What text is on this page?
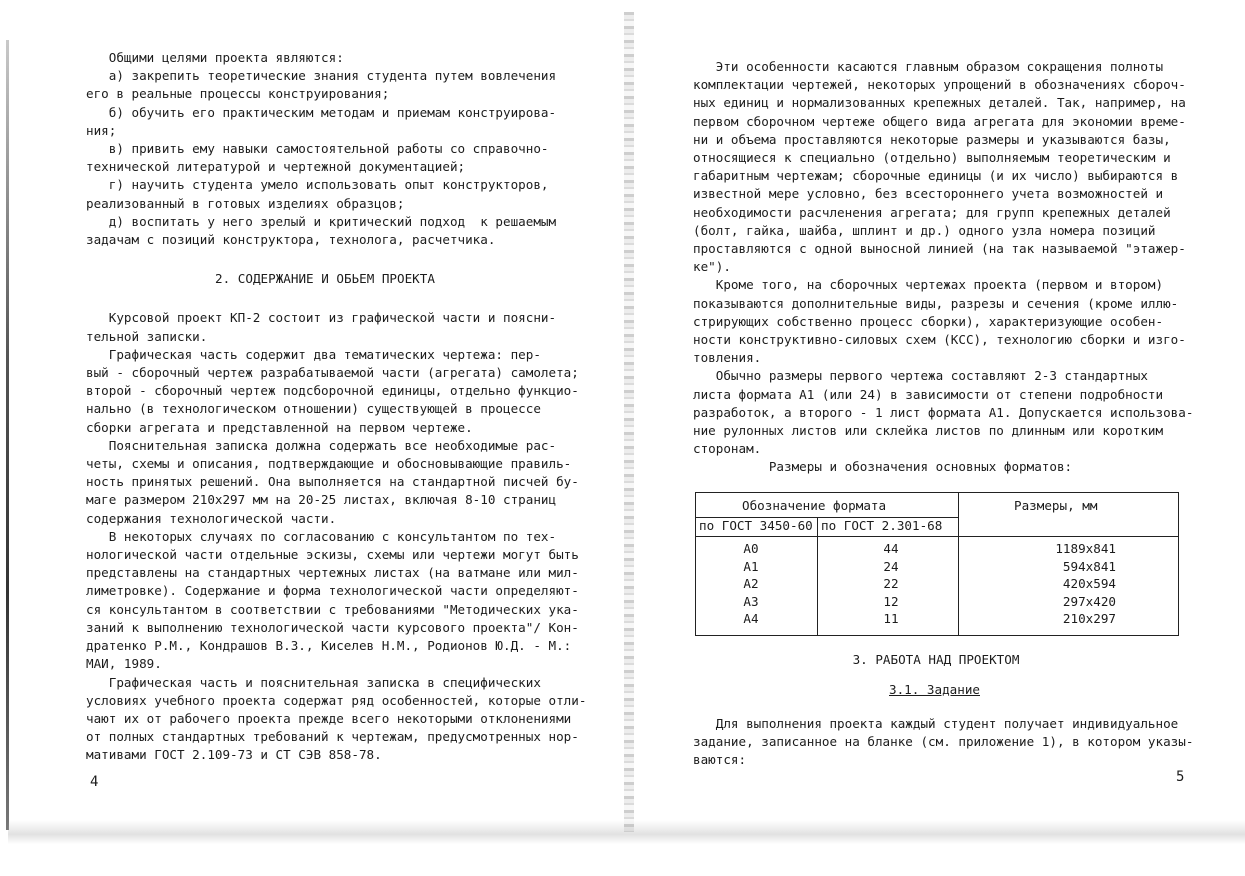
Общими целями проекта являются:

а) закрепить теоретические знания студента путем вовлечения

его в реальные процессы конструирования;

б) обучить его практическим методам и приемам конструирова-

ния;

в) привить ему навыки самостоятельной работы со справочно-

технической литературой и чертежной документацией;

г) научить студента умело использовать опыт конструкторов,

реализованный в готовых изделиях образцов;

д) воспитать у него зрелый и критический подход  к решаемым

задачам с позиций конструктора, технолога, расчетчика.

2. СОДЕРЖАНИЕ И ОБЬЕМ ПРОЕКТА

Курсовой проект КП-2 состоит из графической части и поясни-

тельной записки.

Графическая часть содержит два тематических чертежа: пер-

вый - сборочный чертеж разрабатываемой части (агрегата) самолета;

второй - сборочный чертеж подсборочной единицы, отдельно функцио-

нально (в технологическом отношении) существующей в процессе

сборки агрегата и представленной на первом чертеже.

Пояснительная записка должна содержать все необходимые рас-

четы, схемы и описания, подтверждающие и обосновывающие правиль-

ность принятых решений. Она выполняется на стандартной писчей бу-

маге размером 210х297 мм на 20-25 листах, включая 8-10 страниц

содержания технологической части.

В некоторых случаях по согласованию с консультантом по тех-

нологической части отдельные эскизы, схемы или чертежи могут быть

представлены на стандартных чертежных листах (на ватмане или мил-

лиметровке). Содержание и форма технологической части определяют-

ся консультантом в соответствии с требованиями "Методических ука-

заний к выполнению технологической части курсового проекта"/ Кон-

дратенко Р.М., Кондрашов В.З., Киселев Н.М., Родионов Ю.Д. - М.:

МАИ, 1989.

Графическая часть и пояснительная записка в специфических

условиях учебного проекта содержат ряд особенностей, которые отли-

чают их от рабочего проекта прежде всего некоторыми отклонениями

от полных стандартных требований к чертежам, предусмотренных нор-

мативами ГОСТ 2.109-73 и СТ СЭВ 858-78.

4

Эти особенности касаются главным образом сокращения полноты

комплектации чертежей, некоторых упрощений в обозначениях сбороч-

ных единиц и нормализованных крепежных деталей. Так, например, на

первом сборочном чертеже общего вида агрегата для экономии време-

ни и объема проставляются некоторые размеры и указываются базы,

относящиеся к специально (отдельно) выполняемым теоретическим и

габаритным чертежам; сборочные единицы (и их число) выбираются в

известной мере условно, без всестороннего учета возможностей и

необходимости расчленения агрегата; для групп крепежных деталей

(болт, гайка, шайба, шплинт и др.) одного узла номера позиций

проставляются с одной выносной линией (на так называемой "этажер-

ке").

Кроме того, на сборочных чертежах проекта (первом и втором)

показываются дополнительные виды, разрезы и сечения (кроме иллю-

стрирующих собственно процесс сборки), характеризующие особен-

ности конструктивно-силовых схем (КСС), технологию сборки и изго-

товления.

Обычно размеры первого чертежа составляют 2-3 стандартных

листа формата А1 (или 24) в зависимости от степени подробности

разработок, а второго - 1 лист формата А1. Допускается использова-

ние рулонных листов или склейка листов по длинным или коротким

сторонам.

Размеры и обозначения основных форматов:

Обозначение формата
по ГОСТ 3450-60 по ГОСТ 2.301-68
Размеры, мм
А0
А1
А2
А3
А4
44
24
22
12
11
1189х841
594х841
420х594
297х420
210х297
3. РАБОТА НАД ПРОЕКТОМ
3.1. Задание

Для выполнения проекта каждый студент получает индивидуальное

задание, записанное на бланке (см. приложение 1), в котором указы-

ваются:

5
